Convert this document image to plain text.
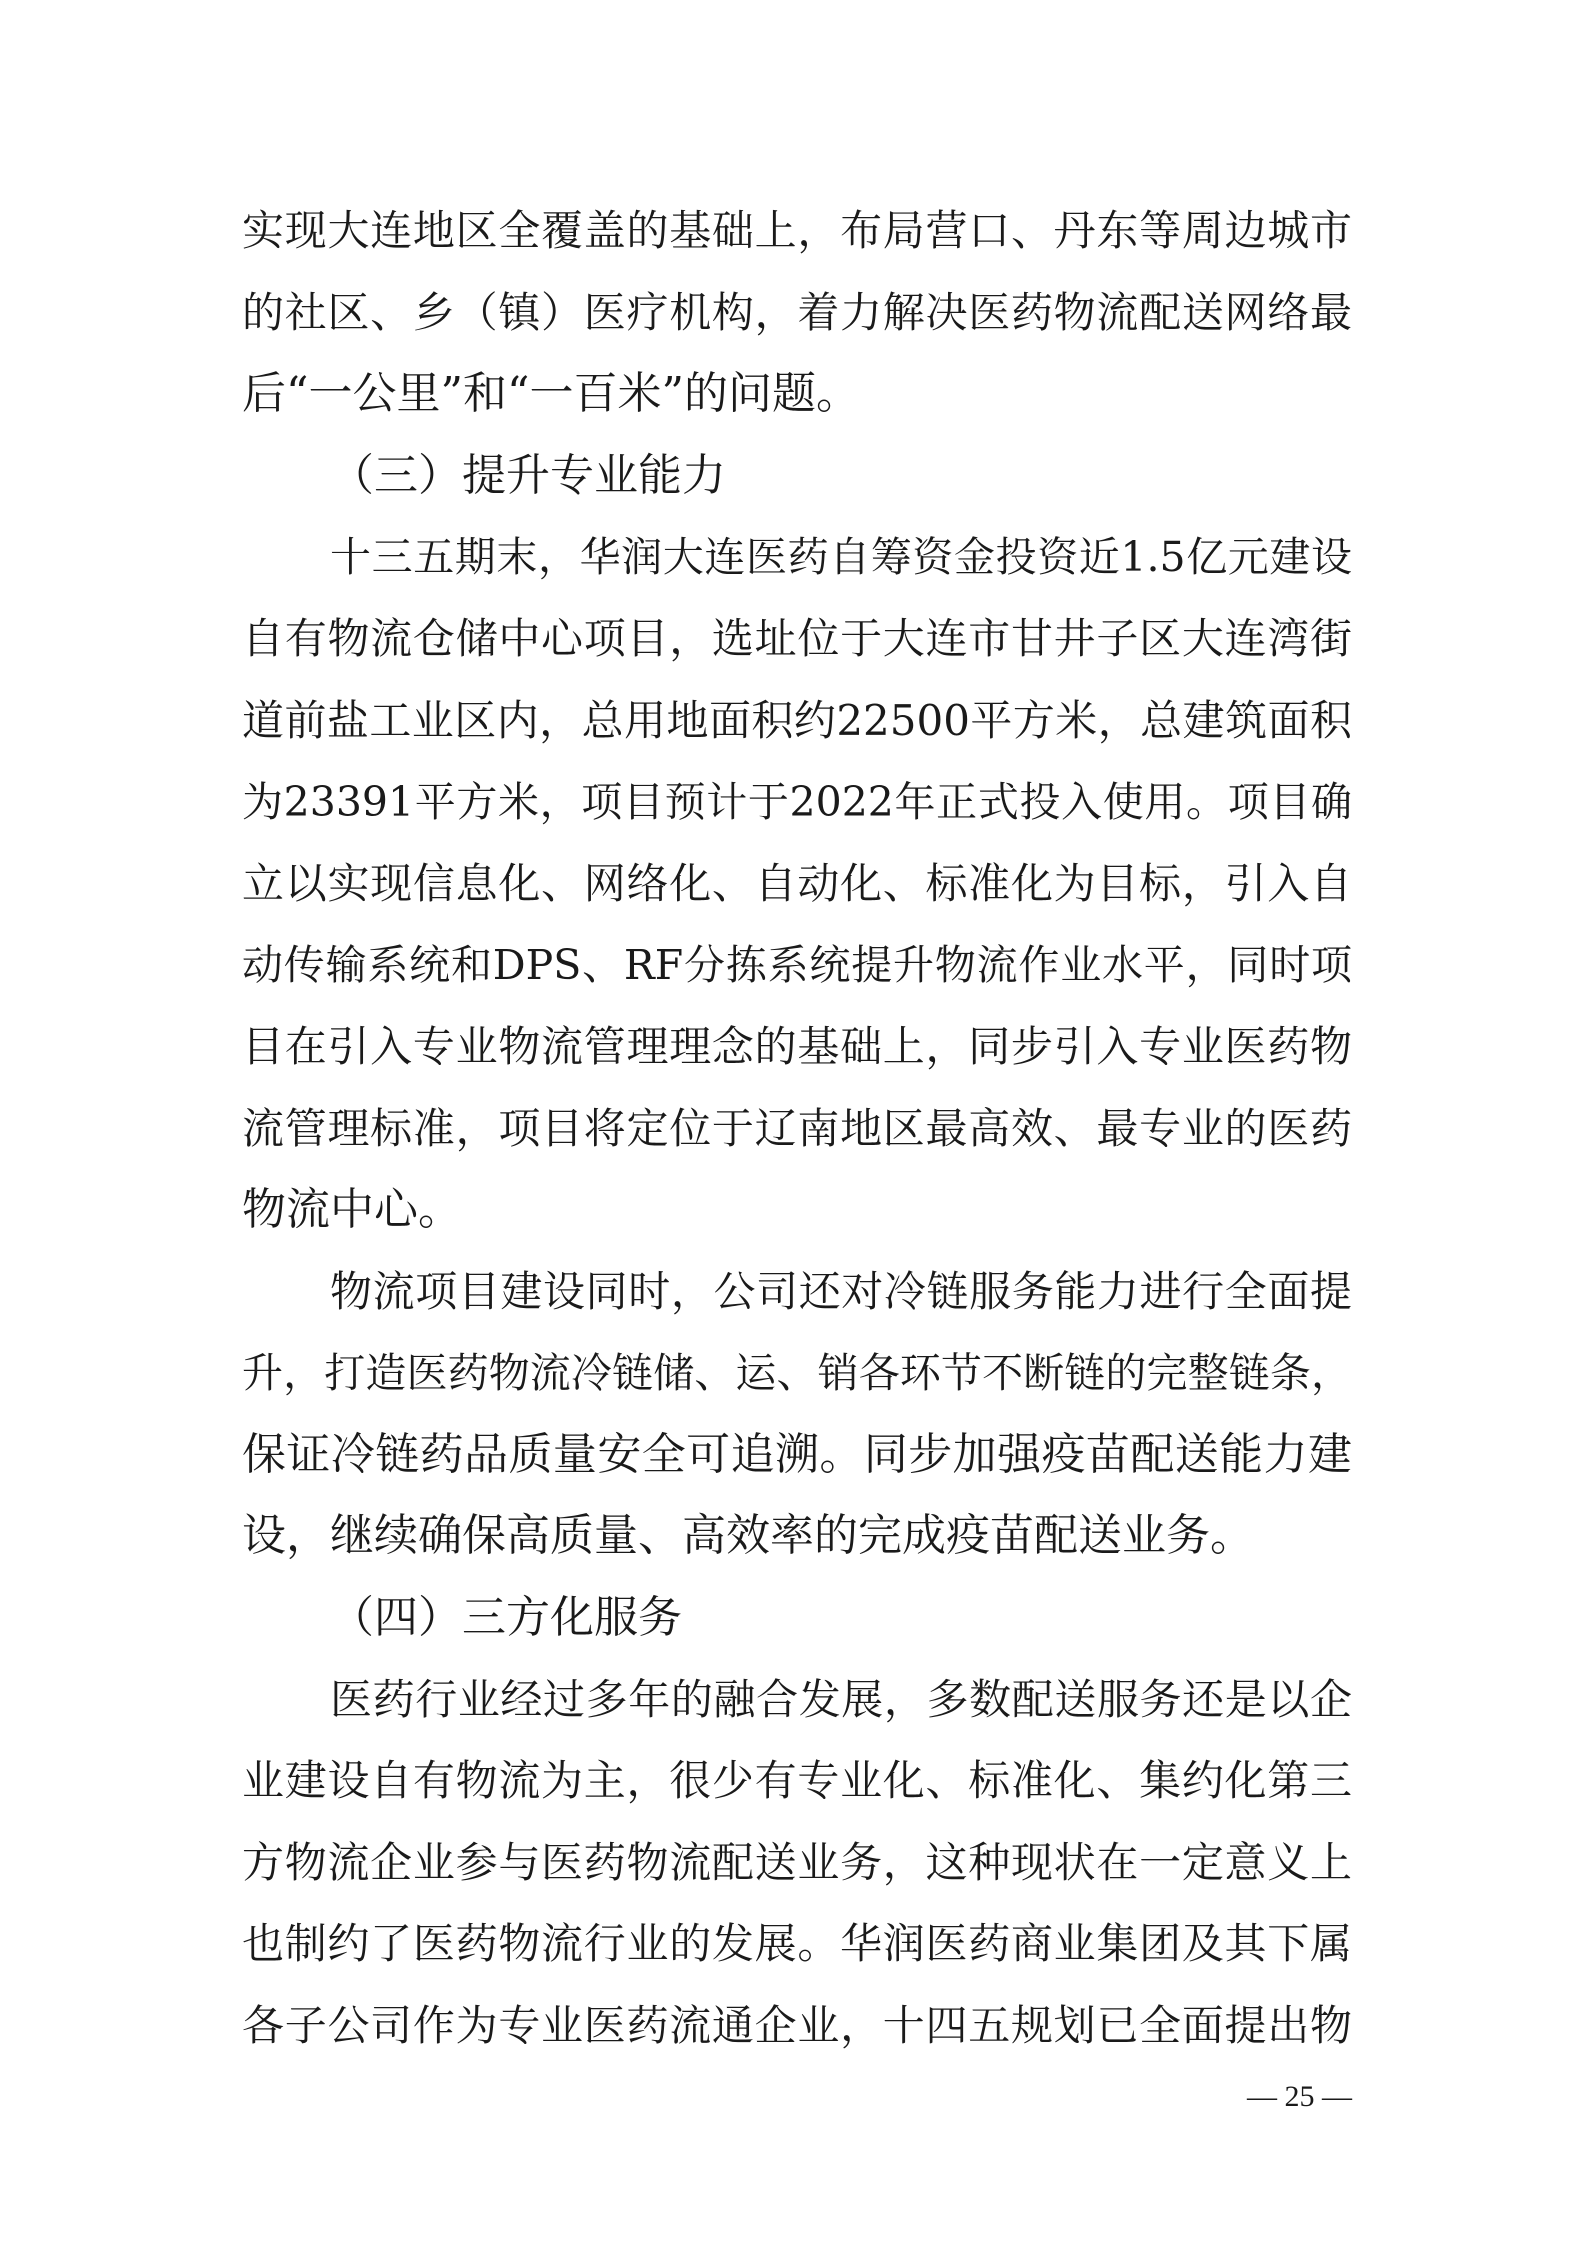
实现大连地区全覆盖的基础上，布局营口、丹东等周边城市
的社区、乡（镇）医疗机构，着力解决医药物流配送网络最
后“一公里”和“一百米”的问题。
（三）提升专业能力
十三五期末，华润大连医药自筹资金投资近1.5亿元建设
自有物流仓储中心项目，选址位于大连市甘井子区大连湾街
道前盐工业区内，总用地面积约22500平方米，总建筑面积
为23391平方米，项目预计于2022年正式投入使用。项目确
立以实现信息化、网络化、自动化、标准化为目标，引入自
动传输系统和DPS、RF分拣系统提升物流作业水平，同时项
目在引入专业物流管理理念的基础上，同步引入专业医药物
流管理标准，项目将定位于辽南地区最高效、最专业的医药
物流中心。
物流项目建设同时，公司还对冷链服务能力进行全面提
升，打造医药物流冷链储、运、销各环节不断链的完整链条，
保证冷链药品质量安全可追溯。同步加强疫苗配送能力建
设，继续确保高质量、高效率的完成疫苗配送业务。
（四）三方化服务
医药行业经过多年的融合发展，多数配送服务还是以企
业建设自有物流为主，很少有专业化、标准化、集约化第三
方物流企业参与医药物流配送业务，这种现状在一定意义上
也制约了医药物流行业的发展。华润医药商业集团及其下属
各子公司作为专业医药流通企业，十四五规划已全面提出物
— 25 —
